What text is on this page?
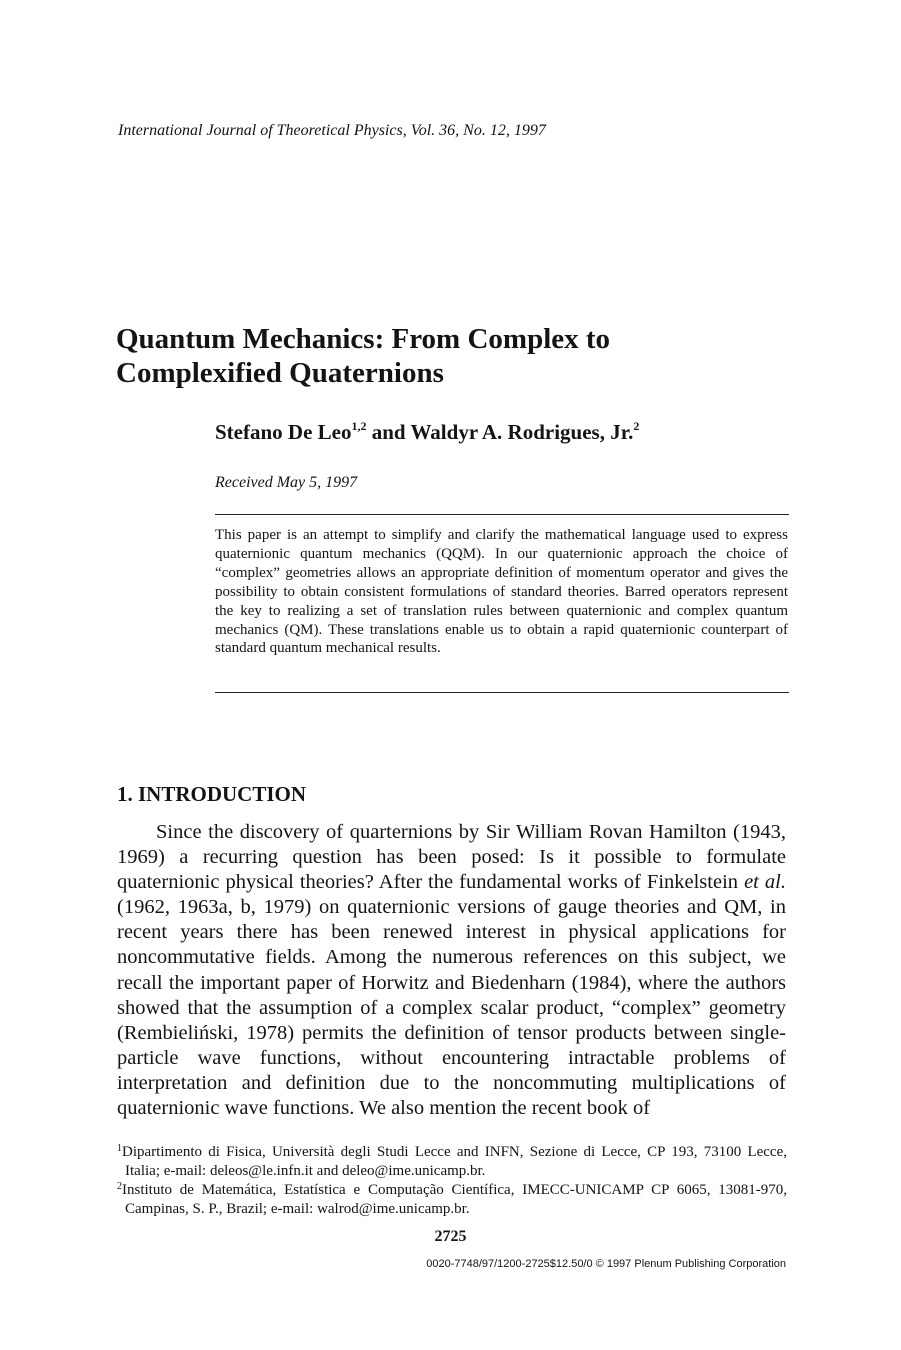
International Journal of Theoretical Physics, Vol. 36, No. 12, 1997
Quantum Mechanics: From Complex to Complexified Quaternions
Stefano De Leo$^{1,2}$ and Waldyr A. Rodrigues, Jr.$^2$
Received May 5, 1997

This paper is an attempt to simplify and clarify the mathematical language used to express quaternionic quantum mechanics (QQM). In our quaternionic approach the choice of “complex” geometries allows an appropriate definition of momentum operator and gives the possibility to obtain consistent formulations of standard theories. Barred operators represent the key to realizing a set of translation rules between quaternionic and complex quantum mechanics (QM). These translations enable us to obtain a rapid quaternionic counterpart of standard quantum mechanical results.

1. INTRODUCTION

Since the discovery of quarternions by Sir William Rovan Hamilton (1943, 1969) a recurring question has been posed: Is it possible to formulate quaternionic physical theories? After the fundamental works of Finkelstein et al. (1962, 1963a, b, 1979) on quaternionic versions of gauge theories and QM, in recent years there has been renewed interest in physical applications for noncommutative fields. Among the numerous references on this subject, we recall the important paper of Horwitz and Biedenharn (1984), where the authors showed that the assumption of a complex scalar product, “complex” geometry (Rembieliński, 1978) permits the definition of tensor products between single-particle wave functions, without encountering intractable problems of interpretation and definition due to the noncommuting multiplications of quaternionic wave functions. We also mention the recent book of

$^1$Dipartimento di Fisica, Università degli Studi Lecce and INFN, Sezione di Lecce, CP 193, 73100 Lecce, Italia; e-mail: deleos@le.infn.it and deleo@ime.unicamp.br.
$^2$Instituto de Matemática, Estatística e Computação Científica, IMECC-UNICAMP CP 6065, 13081-970, Campinas, S. P., Brazil; e-mail: walrod@ime.unicamp.br.
2725
0020-7748/97/1200-2725$12.50/0 © 1997 Plenum Publishing Corporation
